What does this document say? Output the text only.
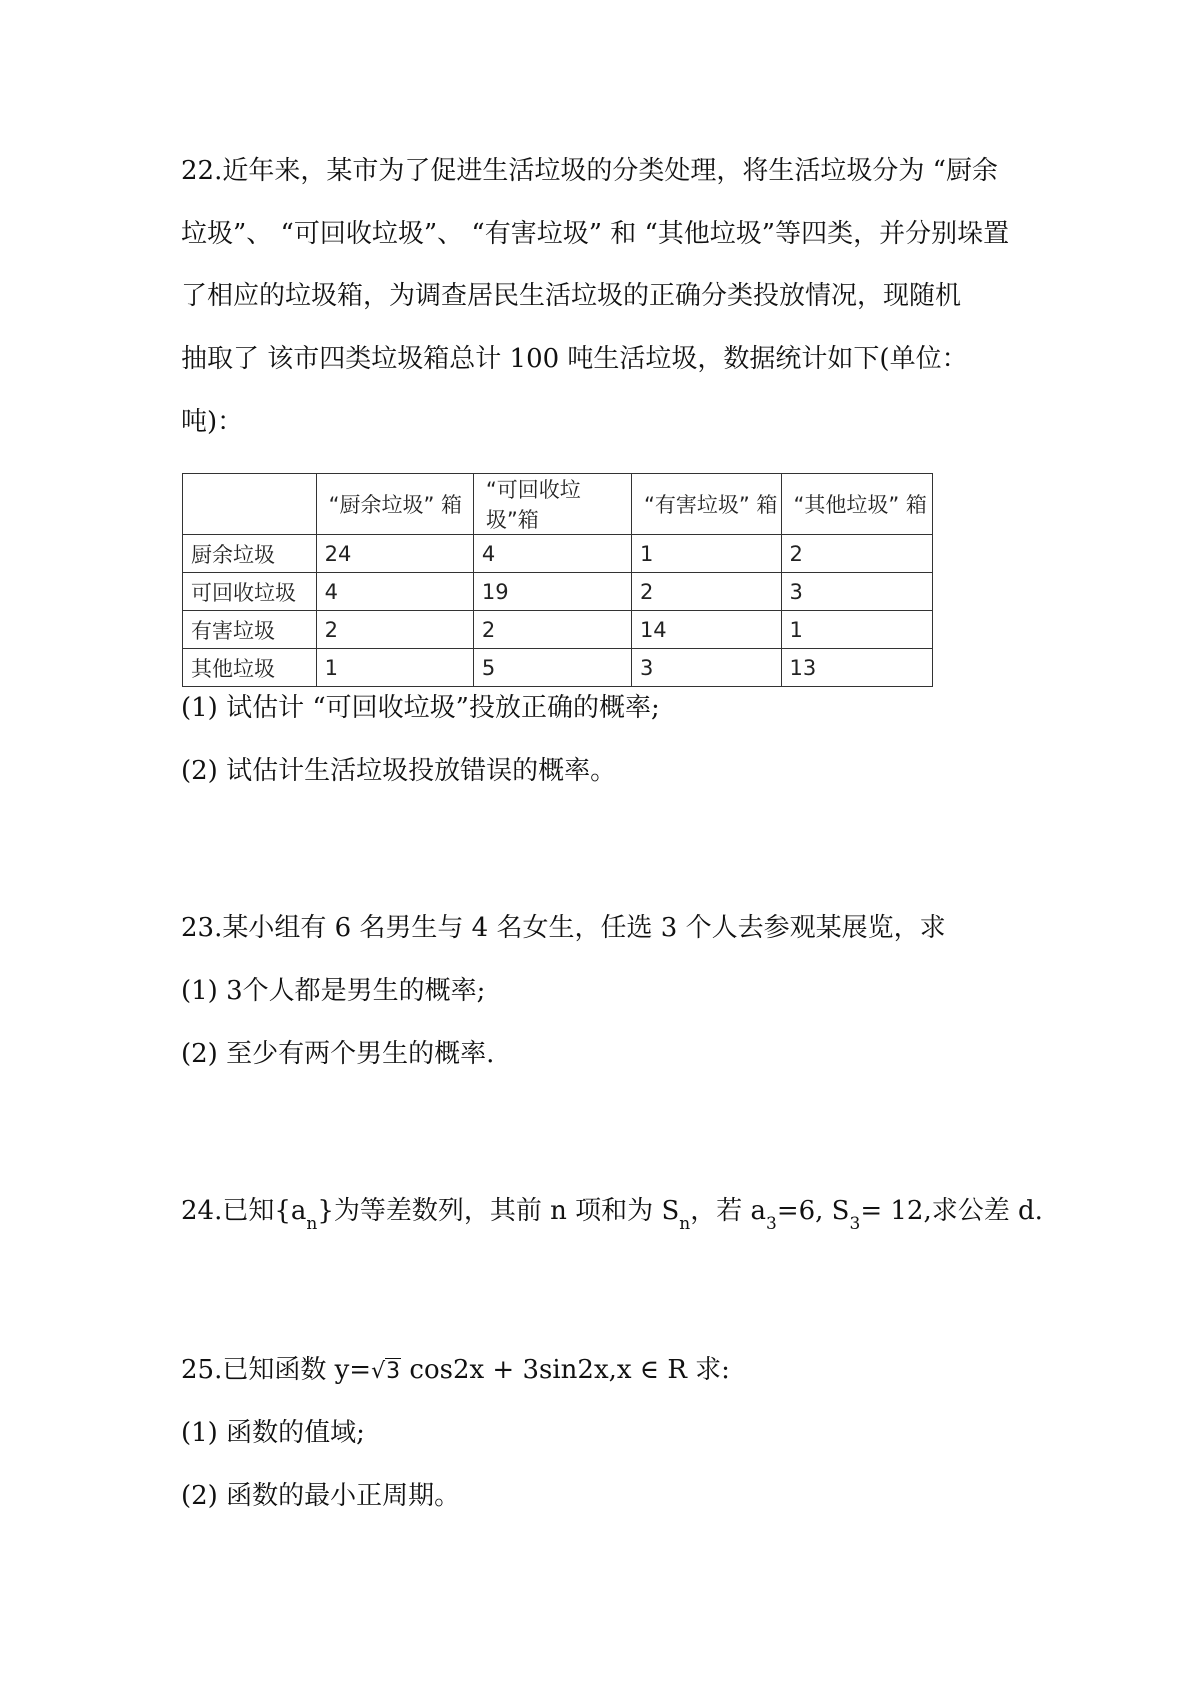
22.近年来，某市为了促进生活垃圾的分类处理，将生活垃圾分为 “厨余
垃圾”、 “可回收垃圾”、 “有害垃圾” 和 “其他垃圾”等四类，并分别垛置
了相应的垃圾箱，为调查居民生活垃圾的正确分类投放情况，现随机
抽取了 该市四类垃圾箱总计 100 吨生活垃圾，数据统计如下(单位：
吨)：
	“厨余垃圾” 箱	“可回收垃圾”箱	“有害垃圾” 箱	“其他垃圾” 箱
厨余垃圾	24	4	1	2
可回收垃圾	4	19	2	3
有害垃圾	2	2	14	1
其他垃圾	1	5	3	13
(1) 试估计 “可回收垃圾”投放正确的概率;
(2) 试估计生活垃圾投放错误的概率。
23.某小组有 6 名男生与 4 名女生，任选 3 个人去参观某展览，求
(1) 3个人都是男生的概率;
(2) 至少有两个男生的概率.
24.已知$\{a_n\}$为等差数列，其前 n 项和为 $S_n$，若 $a_3=6$, $S_3= 12$,求公差 d.
25.已知函数 y=√3 cos2x + 3sin2x,x ∈ R 求:
(1) 函数的值域;
(2) 函数的最小正周期。
